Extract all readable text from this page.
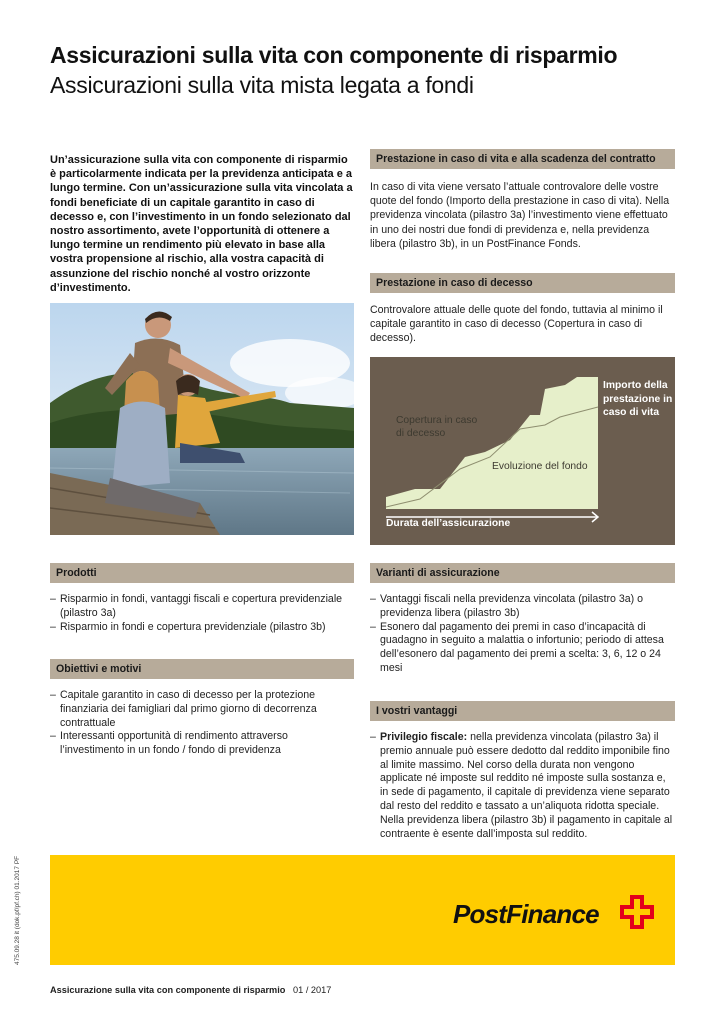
Assicurazioni sulla vita con componente di risparmio
Assicurazioni sulla vita mista legata a fondi
Un’assicurazione sulla vita con componente di risparmio è particolarmente indicata per la previdenza anticipata e a lungo termine. Con un’assicurazione sulla vita vincolata a fondi beneficiate di un capitale garantito in caso di decesso e, con l’investimento in un fondo selezionato dal nostro assortimento, avete l’opportunità di ottenere a lungo termine un rendimento più elevato in base alla vostra propensione al rischio, alla vostra capacità di assunzione del rischio nonché al vostro orizzonte d’investimento.
Prestazione in caso di vita e alla scadenza del contratto
In caso di vita viene versato l’attuale controvalore delle vostre quote del fondo (Importo della prestazione in caso di vita). Nella previdenza vincolata (pilastro 3a) l’investimento viene effettuato in uno dei nostri due fondi di previdenza e, nella previdenza libera (pilastro 3b), in un PostFinance Fonds.
Prestazione in caso di decesso
Controvalore attuale delle quote del fondo, tuttavia al minimo il capitale garantito in caso di decesso (Copertura in caso di decesso).
Copertura in caso di decesso
Evoluzione del fondo
Importo della prestazione in caso di vita
Durata dell’assicurazione
Prodotti
– Risparmio in fondi, vantaggi fiscali e copertura previdenziale (pilastro 3a)
– Risparmio in fondi e copertura previdenziale (pilastro 3b)
Obiettivi e motivi
– Capitale garantito in caso di decesso per la protezione finanziaria dei famigliari dal primo giorno di decorrenza contrattuale
– Interessanti opportunità di rendimento attraverso l’investimento in un fondo / fondo di previdenza
Varianti di assicurazione
– Vantaggi fiscali nella previdenza vincolata (pilastro 3a) o previdenza libera (pilastro 3b)
– Esonero dal pagamento dei premi in caso d’incapacità di guadagno in seguito a malattia o infortunio; periodo di attesa dell’esonero dal pagamento dei premi a scelta: 3, 6, 12 o 24 mesi
I vostri vantaggi
– Privilegio fiscale: nella previdenza vincolata (pilastro 3a) il premio annuale può essere dedotto dal reddito imponibile fino al limite massimo. Nel corso della durata non vengono applicate né imposte sul reddito né imposte sulla sostanza e, in sede di pagamento, il capitale di previdenza viene separato dal resto del reddito e tassato a un’aliquota ridotta speciale. Nella previdenza libera (pilastro 3b) il pagamento in capitale al contraente è esente dall’imposta sul reddito.
PostFinance
475.09.28 it (dok.pf/pf.ch) 01.2017 PF
Assicurazione sulla vita con componente di risparmio 01 / 2017
